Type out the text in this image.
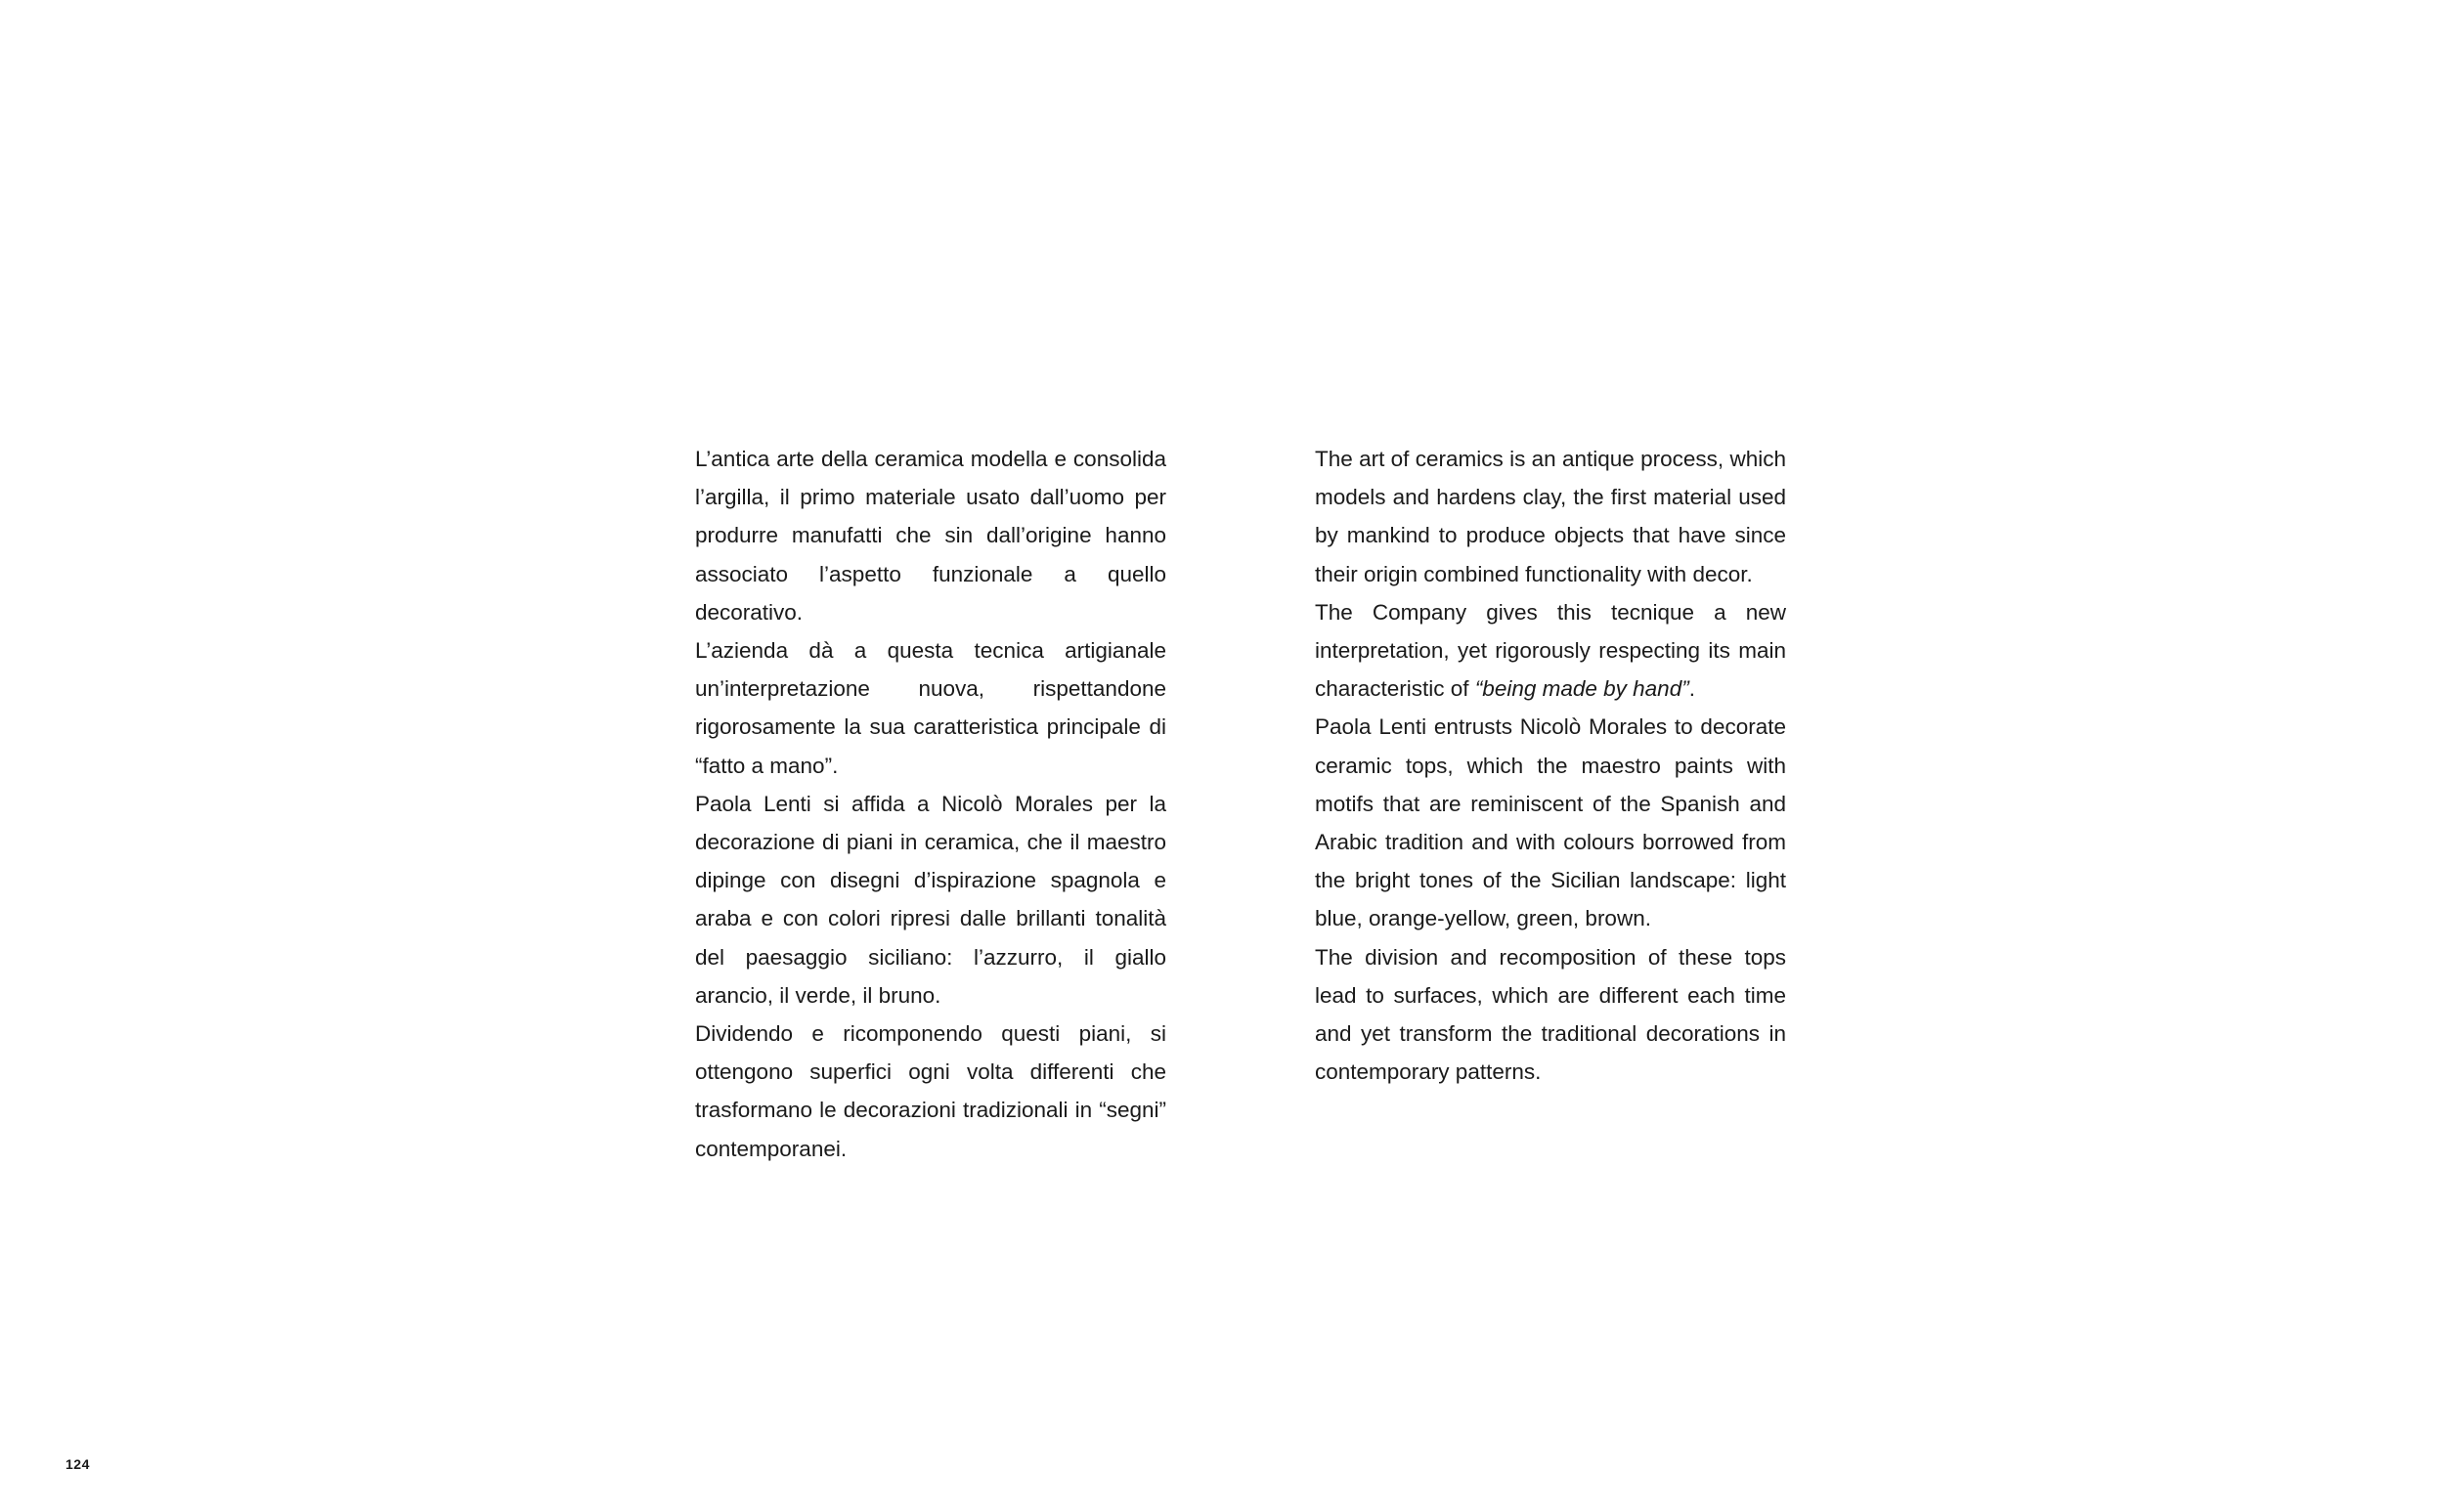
L’antica arte della ceramica modella e consolida l’argilla, il primo materiale usato dall’uomo per produrre manufatti che sin dall’origine hanno associato l’aspetto funzionale a quello decorativo.

L’azienda dà a questa tecnica artigianale un’interpretazione nuova, rispettandone rigorosamente la sua caratteristica principale di “fatto a mano”.

Paola Lenti si affida a Nicolò Morales per la decorazione di piani in ceramica, che il maestro dipinge con disegni d’ispirazione spagnola e araba e con colori ripresi dalle brillanti tonalità del paesaggio siciliano: l’azzurro, il giallo arancio, il verde, il bruno.

Dividendo e ricomponendo questi piani, si ottengono superfici ogni volta differenti che trasformano le decorazioni tradizionali in “segni” contemporanei.

The art of ceramics is an antique process, which models and hardens clay, the first material used by mankind to produce objects that have since their origin combined functionality with decor.

The Company gives this tecnique a new interpretation, yet rigorously respecting its main characteristic of “being made by hand”.

Paola Lenti entrusts Nicolò Morales to decorate ceramic tops, which the maestro paints with motifs that are reminiscent of the Spanish and Arabic tradition and with colours borrowed from the bright tones of the Sicilian landscape: light blue, orange-yellow, green, brown.

The division and recomposition of these tops lead to surfaces, which are different each time and yet transform the traditional decorations in contemporary patterns.

124
